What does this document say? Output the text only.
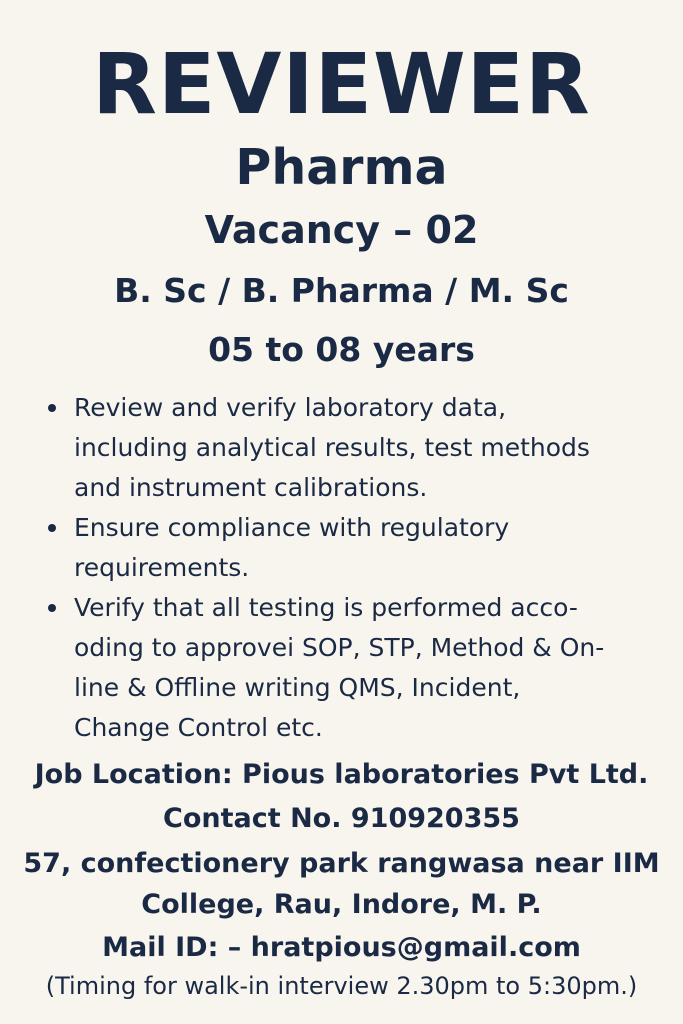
REVIEWER
Pharma
Vacancy – 02
B. Sc / B. Pharma / M. Sc
05 to 08 years
Review and verify laboratory data,
including analytical results, test methods
and instrument calibrations.
Ensure compliance with regulatory
requirements.
Verify that all testing is performed acco-
oding to approvei SOP, STP, Method & On-
line & Offline writing QMS, Incident,
Change Control etc.
Job Location: Pious laboratories Pvt Ltd.
Contact No. 910920355
57, confectionery park rangwasa near IIM
College, Rau, Indore, M. P.
Mail ID: – hratpious@gmail.com
(Timing for walk-in interview 2.30pm to 5:30pm.)
